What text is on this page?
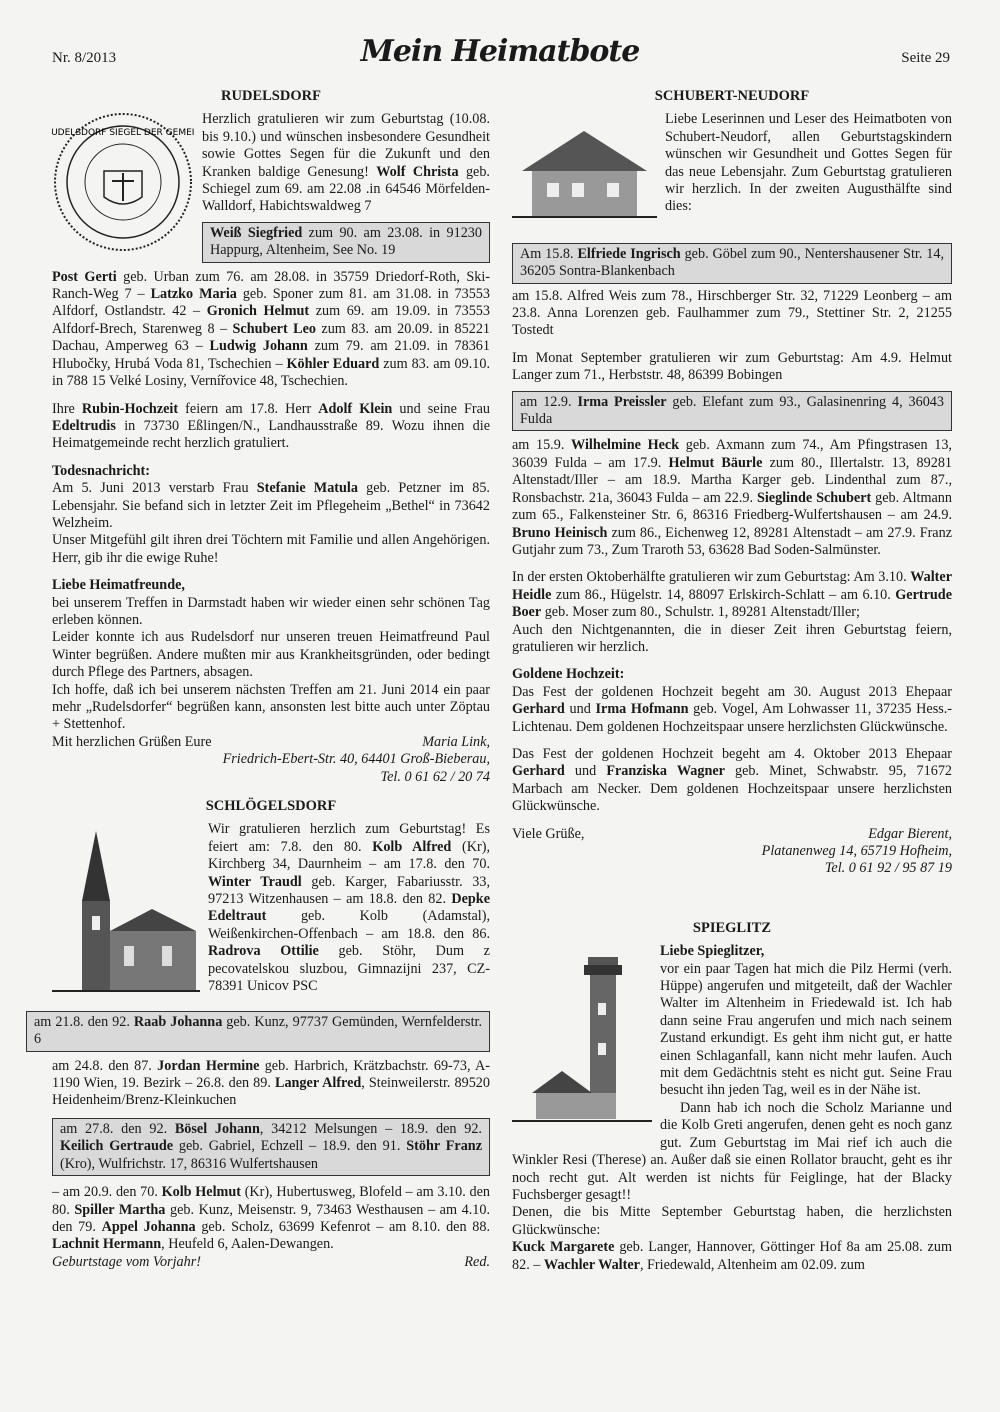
Nr. 8/2013	Mein Heimatbote	Seite 29
RUDELSDORF
RUDELSDORF SIEGEL DER GEMEIN

Herzlich gratulieren wir zum Geburtstag (10.08. bis 9.10.) und wünschen insbesondere Gesundheit sowie Gottes Segen für die Zukunft und den Kranken baldige Genesung! Wolf Christa geb. Schiegel zum 69. am 22.08 .in 64546 Mörfelden-Walldorf, Habichtswaldweg 7

Weiß Siegfried zum 90. am 23.08. in 91230 Happurg, Altenheim, See No. 19

Post Gerti geb. Urban zum 76. am 28.08. in 35759 Driedorf-Roth, Ski-Ranch-Weg 7 – Latzko Maria geb. Sponer zum 81. am 31.08. in 73553 Alfdorf, Ostlandstr. 42 – Gronich Helmut zum 69. am 19.09. in 73553 Alfdorf-Brech, Starenweg 8 – Schubert Leo zum 83. am 20.09. in 85221 Dachau, Amperweg 63 – Ludwig Johann zum 79. am 21.09. in 78361 Hlubočky, Hrubá Voda 81, Tschechien – Köhler Eduard zum 83. am 09.10. in 788 15 Velké Losiny, Vernířovice 48, Tschechien.

Ihre Rubin-Hochzeit feiern am 17.8. Herr Adolf Klein und seine Frau Edeltrudis in 73730 Eßlingen/N., Landhausstraße 89. Wozu ihnen die Heimatgemeinde recht herzlich gratuliert.

Todesnachricht:

Am 5. Juni 2013 verstarb Frau Stefanie Matula geb. Petzner im 85. Lebensjahr. Sie befand sich in letzter Zeit im Pflegeheim „Bethel“ in 73642 Welzheim.

Unser Mitgefühl gilt ihren drei Töchtern mit Familie und allen Angehörigen. Herr, gib ihr die ewige Ruhe!

Liebe Heimatfreunde,

bei unserem Treffen in Darmstadt haben wir wieder einen sehr schönen Tag erleben können.

Leider konnte ich aus Rudelsdorf nur unseren treuen Heimatfreund Paul Winter begrüßen. Andere mußten mir aus Krankheitsgründen, oder bedingt durch Pflege des Partners, absagen.

Ich hoffe, daß ich bei unserem nächsten Treffen am 21. Juni 2014 ein paar mehr „Rudelsdorfer“ begrüßen kann, ansonsten lest bitte auch unter Zöptau + Stettenhof.

Mit herzlichen Grüßen Eure	Maria Link,

Friedrich-Ebert-Str. 40, 64401 Groß-Bieberau,

Tel. 0 61 62 / 20 74

SCHLÖGELSDORF

Wir gratulieren herzlich zum Geburtstag! Es feiert am: 7.8. den 80. Kolb Alfred (Kr), Kirchberg 34, Daurnheim – am 17.8. den 70. Winter Traudl geb. Karger, Fabariusstr. 33, 97213 Witzenhausen – am 18.8. den 82. Depke Edeltraut geb. Kolb (Adamstal), Weißenkirchen-Offenbach – am 18.8. den 86. Radrova Ottilie geb. Stöhr, Dum z pecovatelskou sluzbou, Gimnazijni 237, CZ-78391 Unicov PSC

am 21.8. den 92. Raab Johanna geb. Kunz, 97737 Gemünden, Wernfelderstr. 6

am 24.8. den 87. Jordan Hermine geb. Harbrich, Krätzbachstr. 69-73, A-1190 Wien, 19. Bezirk – 26.8. den 89. Langer Alfred, Steinweilerstr. 89520 Heidenheim/Brenz-Kleinkuchen

am 27.8. den 92. Bösel Johann, 34212 Melsungen – 18.9. den 92. Keilich Gertraude geb. Gabriel, Echzell – 18.9. den 91. Stöhr Franz (Kro), Wulfrichstr. 17, 86316 Wulfertshausen

– am 20.9. den 70. Kolb Helmut (Kr), Hubertusweg, Blofeld – am 3.10. den 80. Spiller Martha geb. Kunz, Meisenstr. 9, 73463 Westhausen – am 4.10. den 79. Appel Johanna geb. Scholz, 63699 Kefenrot – am 8.10. den 88. Lachnit Hermann, Heufeld 6, Aalen-Dewangen.

Geburtstage vom Vorjahr!	Red.
SCHUBERT-NEUDORF

Liebe Leserinnen und Leser des Heimatboten von Schubert-Neudorf, allen Geburtstagskindern wünschen wir Gesundheit und Gottes Segen für das neue Lebensjahr. Zum Geburtstag gratulieren wir herzlich. In der zweiten Augusthälfte sind dies:

Am 15.8. Elfriede Ingrisch geb. Göbel zum 90., Nentershausener Str. 14, 36205 Sontra-Blankenbach

am 15.8. Alfred Weis zum 78., Hirschberger Str. 32, 71229 Leonberg – am 23.8. Anna Lorenzen geb. Faulhammer zum 79., Stettiner Str. 2, 21255 Tostedt

Im Monat September gratulieren wir zum Geburtstag: Am 4.9. Helmut Langer zum 71., Herbststr. 48, 86399 Bobingen

am 12.9. Irma Preissler geb. Elefant zum 93., Galasinenring 4, 36043 Fulda

am 15.9. Wilhelmine Heck geb. Axmann zum 74., Am Pfingstrasen 13, 36039 Fulda – am 17.9. Helmut Bäurle zum 80., Illertalstr. 13, 89281 Altenstadt/Iller – am 18.9. Martha Karger geb. Lindenthal zum 87., Ronsbachstr. 21a, 36043 Fulda – am 22.9. Sieglinde Schubert geb. Altmann zum 65., Falkensteiner Str. 6, 86316 Friedberg-Wulfertshausen – am 24.9. Bruno Heinisch zum 86., Eichenweg 12, 89281 Altenstadt – am 27.9. Franz Gutjahr zum 73., Zum Traroth 53, 63628 Bad Soden-Salmünster.

In der ersten Oktoberhälfte gratulieren wir zum Geburtstag: Am 3.10. Walter Heidle zum 86., Hügelstr. 14, 88097 Erlskirch-Schlatt – am 6.10. Gertrude Boer geb. Moser zum 80., Schulstr. 1, 89281 Altenstadt/Iller;

Auch den Nichtgenannten, die in dieser Zeit ihren Geburtstag feiern, gratulieren wir herzlich.

Goldene Hochzeit:

Das Fest der goldenen Hochzeit begeht am 30. August 2013 Ehepaar Gerhard und Irma Hofmann geb. Vogel, Am Lohwasser 11, 37235 Hess.-Lichtenau. Dem goldenen Hochzeitspaar unsere herzlichsten Glückwünsche.

Das Fest der goldenen Hochzeit begeht am 4. Oktober 2013 Ehepaar Gerhard und Franziska Wagner geb. Minet, Schwabstr. 95, 71672 Marbach am Necker. Dem goldenen Hochzeitspaar unsere herzlichsten Glückwünsche.

Viele Grüße,	Edgar Bierent,

Platanenweg 14, 65719 Hofheim,

Tel. 0 61 92 / 95 87 19

SPIEGLITZ

Liebe Spieglitzer,

vor ein paar Tagen hat mich die Pilz Hermi (verh. Hüppe) angerufen und mitgeteilt, daß der Wachler Walter im Altenheim in Friedewald ist. Ich hab dann seine Frau angerufen und mich nach seinem Zustand erkundigt. Es geht ihm nicht gut, er hatte einen Schlaganfall, kann nicht mehr laufen. Auch mit dem Gedächtnis steht es nicht gut. Seine Frau besucht ihn jeden Tag, weil es in der Nähe ist.

Dann hab ich noch die Scholz Marianne und die Kolb Greti angerufen, denen geht es noch ganz gut. Zum Geburtstag im Mai rief ich auch die Winkler Resi (Therese) an. Außer daß sie einen Rollator braucht, geht es ihr noch recht gut. Alt werden ist nichts für Feiglinge, hat der Blacky Fuchsberger gesagt!!

Denen, die bis Mitte September Geburtstag haben, die herzlichsten Glückwünsche:

Kuck Margarete geb. Langer, Hannover, Göttinger Hof 8a am 25.08. zum 82. – Wachler Walter, Friedewald, Altenheim am 02.09. zum
